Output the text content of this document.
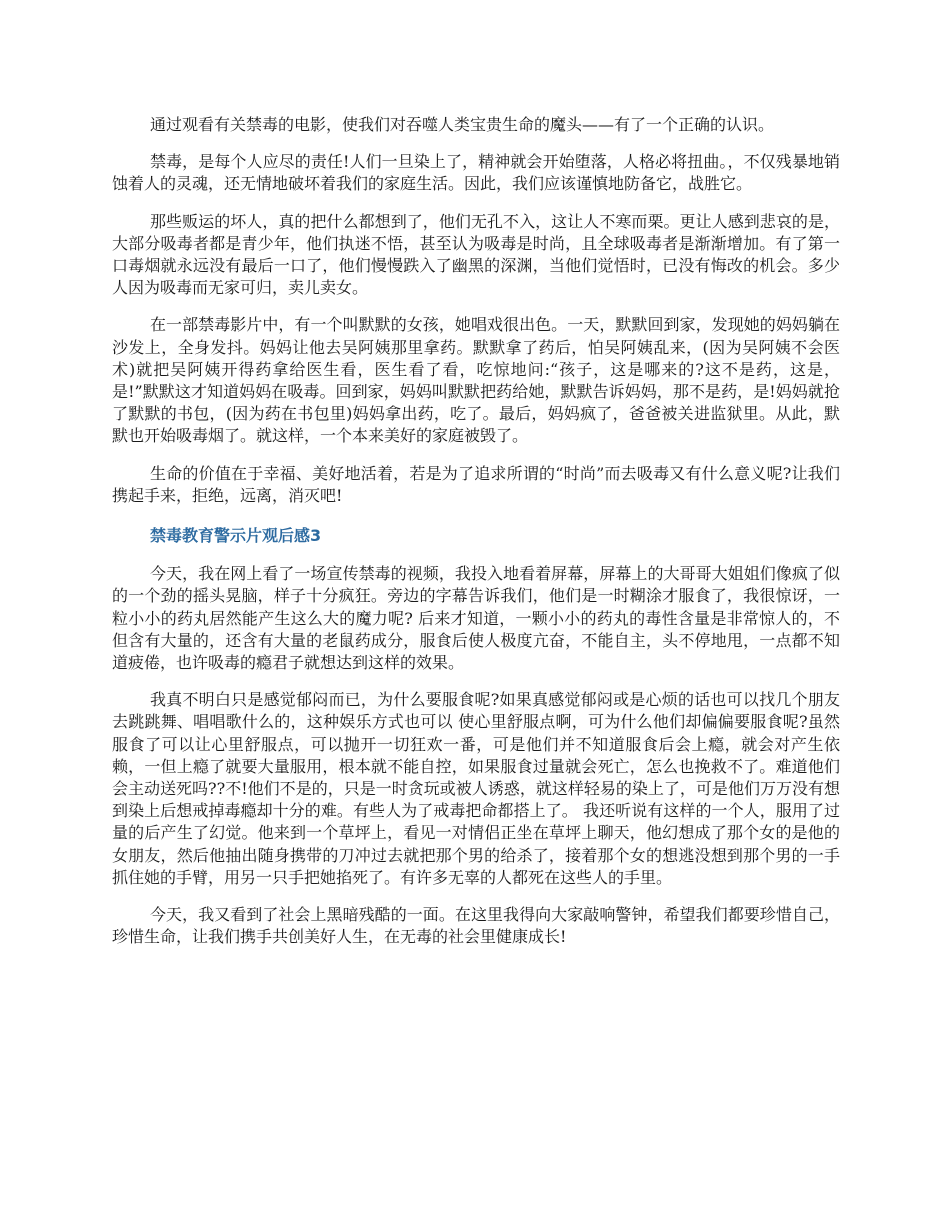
通过观看有关禁毒的电影，使我们对吞噬人类宝贵生命的魔头——有了一个正确的认识。

禁毒，是每个人应尽的责任!人们一旦染上了，精神就会开始堕落，人格必将扭曲。，不仅残暴地销蚀着人的灵魂，还无情地破坏着我们的家庭生活。因此，我们应该谨慎地防备它，战胜它。

那些贩运的坏人，真的把什么都想到了，他们无孔不入，这让人不寒而栗。更让人感到悲哀的是，大部分吸毒者都是青少年，他们执迷不悟，甚至认为吸毒是时尚，且全球吸毒者是渐渐增加。有了第一口毒烟就永远没有最后一口了，他们慢慢跌入了幽黑的深渊，当他们觉悟时，已没有悔改的机会。多少人因为吸毒而无家可归，卖儿卖女。

在一部禁毒影片中，有一个叫默默的女孩，她唱戏很出色。一天，默默回到家，发现她的妈妈躺在沙发上，全身发抖。妈妈让他去吴阿姨那里拿药。默默拿了药后，怕吴阿姨乱来，(因为吴阿姨不会医术)就把吴阿姨开得药拿给医生看，医生看了看，吃惊地问:“孩子，这是哪来的?这不是药，这是，是!”默默这才知道妈妈在吸毒。回到家，妈妈叫默默把药给她，默默告诉妈妈，那不是药，是!妈妈就抢了默默的书包，(因为药在书包里)妈妈拿出药，吃了。最后，妈妈疯了，爸爸被关进监狱里。从此，默默也开始吸毒烟了。就这样，一个本来美好的家庭被毁了。

生命的价值在于幸福、美好地活着，若是为了追求所谓的“时尚”而去吸毒又有什么意义呢?让我们携起手来，拒绝，远离，消灭吧!

禁毒教育警示片观后感3

今天，我在网上看了一场宣传禁毒的视频，我投入地看着屏幕，屏幕上的大哥哥大姐姐们像疯了似的一个劲的摇头晃脑，样子十分疯狂。旁边的字幕告诉我们，他们是一时糊涂才服食了，我很惊讶，一粒小小的药丸居然能产生这么大的魔力呢? 后来才知道，一颗小小的药丸的毒性含量是非常惊人的，不但含有大量的，还含有大量的老鼠药成分，服食后使人极度亢奋，不能自主，头不停地甩，一点都不知道疲倦，也许吸毒的瘾君子就想达到这样的效果。

我真不明白只是感觉郁闷而已，为什么要服食呢?如果真感觉郁闷或是心烦的话也可以找几个朋友去跳跳舞、唱唱歌什么的，这种娱乐方式也可以 使心里舒服点啊，可为什么他们却偏偏要服食呢?虽然服食了可以让心里舒服点，可以抛开一切狂欢一番，可是他们并不知道服食后会上瘾，就会对产生依赖，一但上瘾了就要大量服用，根本就不能自控，如果服食过量就会死亡，怎么也挽救不了。难道他们会主动送死吗??不!他们不是的，只是一时贪玩或被人诱惑，就这样轻易的染上了，可是他们万万没有想到染上后想戒掉毒瘾却十分的难。有些人为了戒毒把命都搭上了。 我还听说有这样的一个人，服用了过量的后产生了幻觉。他来到一个草坪上，看见一对情侣正坐在草坪上聊天，他幻想成了那个女的是他的女朋友，然后他抽出随身携带的刀冲过去就把那个男的给杀了，接着那个女的想逃没想到那个男的一手抓住她的手臂，用另一只手把她掐死了。有许多无辜的人都死在这些人的手里。

今天，我又看到了社会上黑暗残酷的一面。在这里我得向大家敲响警钟，希望我们都要珍惜自己，珍惜生命，让我们携手共创美好人生，在无毒的社会里健康成长!
